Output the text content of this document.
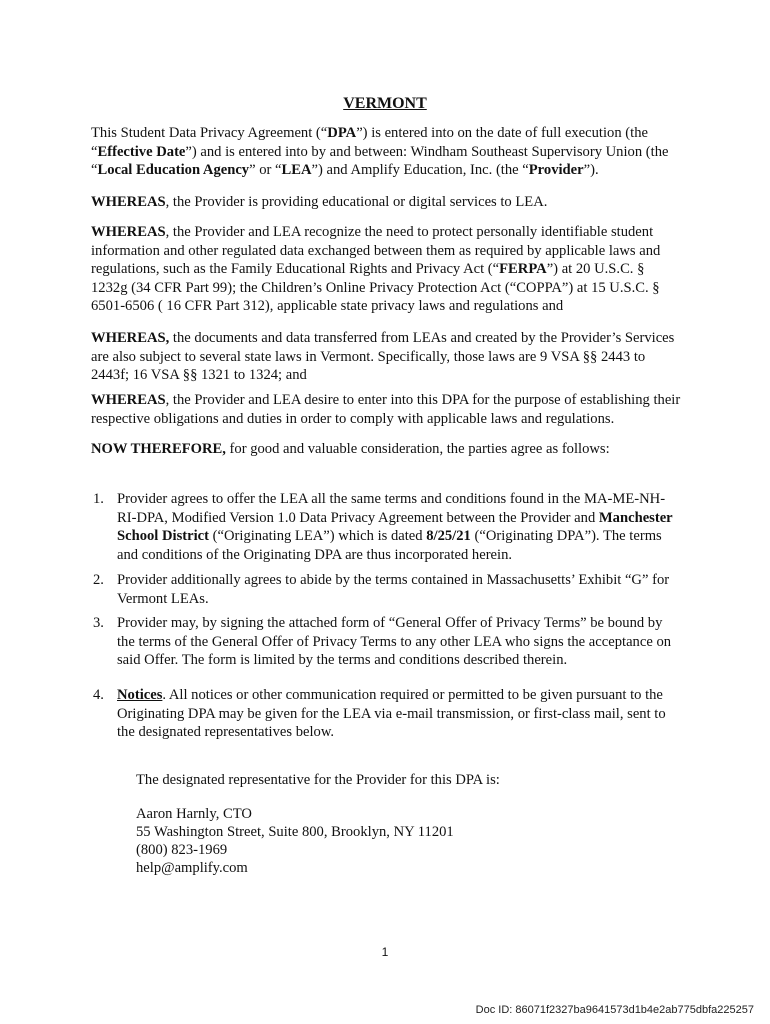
VERMONT

This Student Data Privacy Agreement (“DPA”) is entered into on the date of full execution (the “Effective Date”) and is entered into by and between: Windham Southeast Supervisory Union (the “Local Education Agency” or “LEA”) and Amplify Education, Inc. (the “Provider”).

WHEREAS, the Provider is providing educational or digital services to LEA.

WHEREAS, the Provider and LEA recognize the need to protect personally identifiable student information and other regulated data exchanged between them as required by applicable laws and regulations, such as the Family Educational Rights and Privacy Act (“FERPA”) at 20 U.S.C. § 1232g (34 CFR Part 99); the Children’s Online Privacy Protection Act (“COPPA”) at 15 U.S.C. § 6501-6506 ( 16 CFR Part 312), applicable state privacy laws and regulations and

WHEREAS, the documents and data transferred from LEAs and created by the Provider’s Services are also subject to several state laws in Vermont. Specifically, those laws are 9 VSA §§ 2443 to 2443f; 16 VSA §§ 1321 to 1324; and

WHEREAS, the Provider and LEA desire to enter into this DPA for the purpose of establishing their respective obligations and duties in order to comply with applicable laws and regulations.

NOW THEREFORE, for good and valuable consideration, the parties agree as follows:

1. Provider agrees to offer the LEA all the same terms and conditions found in the MA-ME-NH-RI-DPA, Modified Version 1.0 Data Privacy Agreement between the Provider and Manchester School District (“Originating LEA”) which is dated 8/25/21 (“Originating DPA”). The terms and conditions of the Originating DPA are thus incorporated herein.
2. Provider additionally agrees to abide by the terms contained in Massachusetts’ Exhibit “G” for Vermont LEAs.
3. Provider may, by signing the attached form of “General Offer of Privacy Terms” be bound by the terms of the General Offer of Privacy Terms to any other LEA who signs the acceptance on said Offer. The form is limited by the terms and conditions described therein.
4. Notices. All notices or other communication required or permitted to be given pursuant to the Originating DPA may be given for the LEA via e-mail transmission, or first-class mail, sent to the designated representatives below.

The designated representative for the Provider for this DPA is:

Aaron Harnly, CTO

55 Washington Street, Suite 800, Brooklyn, NY 11201

(800) 823-1969

help@amplify.com

1
Doc ID: 86071f2327ba9641573d1b4e2ab775dbfa225257
